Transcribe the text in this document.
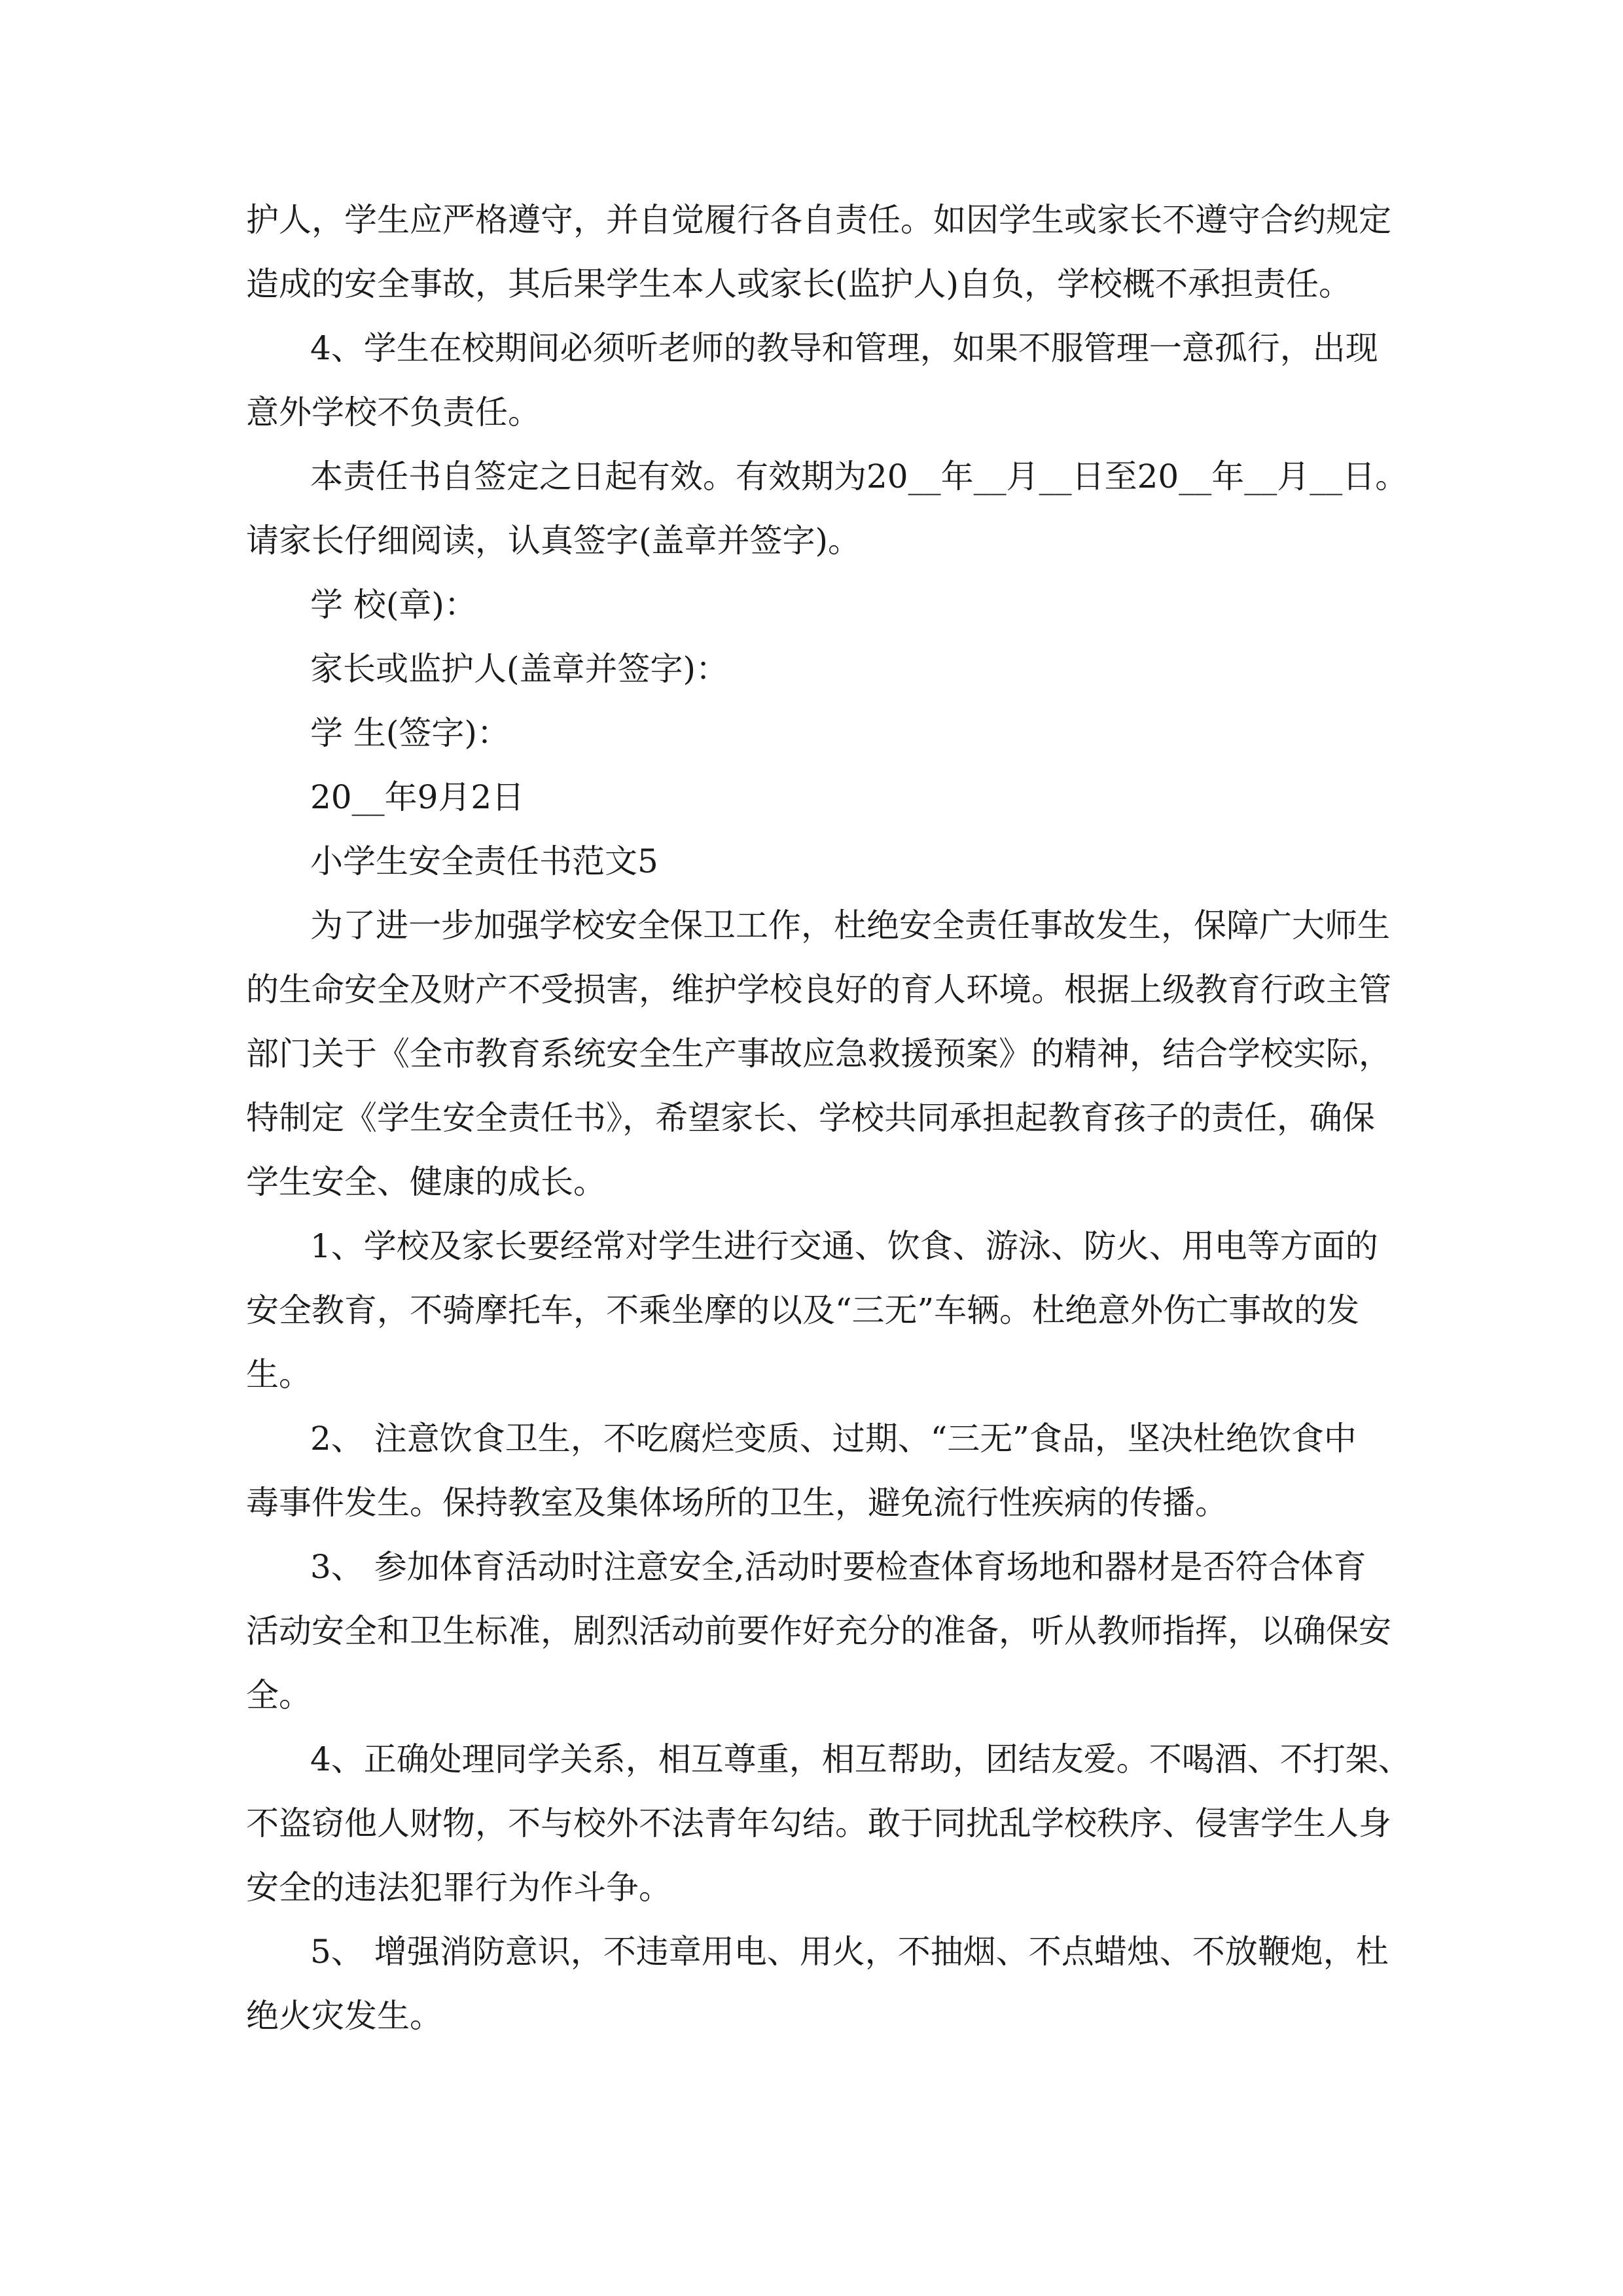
护人，学生应严格遵守，并自觉履行各自责任。如因学生或家长不遵守合约规定
造成的安全事故，其后果学生本人或家长(监护人)自负，学校概不承担责任。
4、学生在校期间必须听老师的教导和管理，如果不服管理一意孤行，出现
意外学校不负责任。
本责任书自签定之日起有效。有效期为20__年__月__日至20__年__月__日。
请家长仔细阅读，认真签字(盖章并签字)。
学 校(章)：
家长或监护人(盖章并签字)：
学 生(签字)：
20__年9月2日
小学生安全责任书范文5
为了进一步加强学校安全保卫工作，杜绝安全责任事故发生，保障广大师生
的生命安全及财产不受损害，维护学校良好的育人环境。根据上级教育行政主管
部门关于《全市教育系统安全生产事故应急救援预案》的精神，结合学校实际，
特制定《学生安全责任书》，希望家长、学校共同承担起教育孩子的责任，确保
学生安全、健康的成长。
1、学校及家长要经常对学生进行交通、饮食、游泳、防火、用电等方面的
安全教育，不骑摩托车，不乘坐摩的以及“三无”车辆。杜绝意外伤亡事故的发
生。
2、 注意饮食卫生，不吃腐烂变质、过期、“三无”食品，坚决杜绝饮食中
毒事件发生。保持教室及集体场所的卫生，避免流行性疾病的传播。
3、 参加体育活动时注意安全,活动时要检查体育场地和器材是否符合体育
活动安全和卫生标准，剧烈活动前要作好充分的准备，听从教师指挥，以确保安
全。
4、正确处理同学关系，相互尊重，相互帮助，团结友爱。不喝酒、不打架、
不盗窃他人财物，不与校外不法青年勾结。敢于同扰乱学校秩序、侵害学生人身
安全的违法犯罪行为作斗争。
5、 增强消防意识，不违章用电、用火，不抽烟、不点蜡烛、不放鞭炮，杜
绝火灾发生。
